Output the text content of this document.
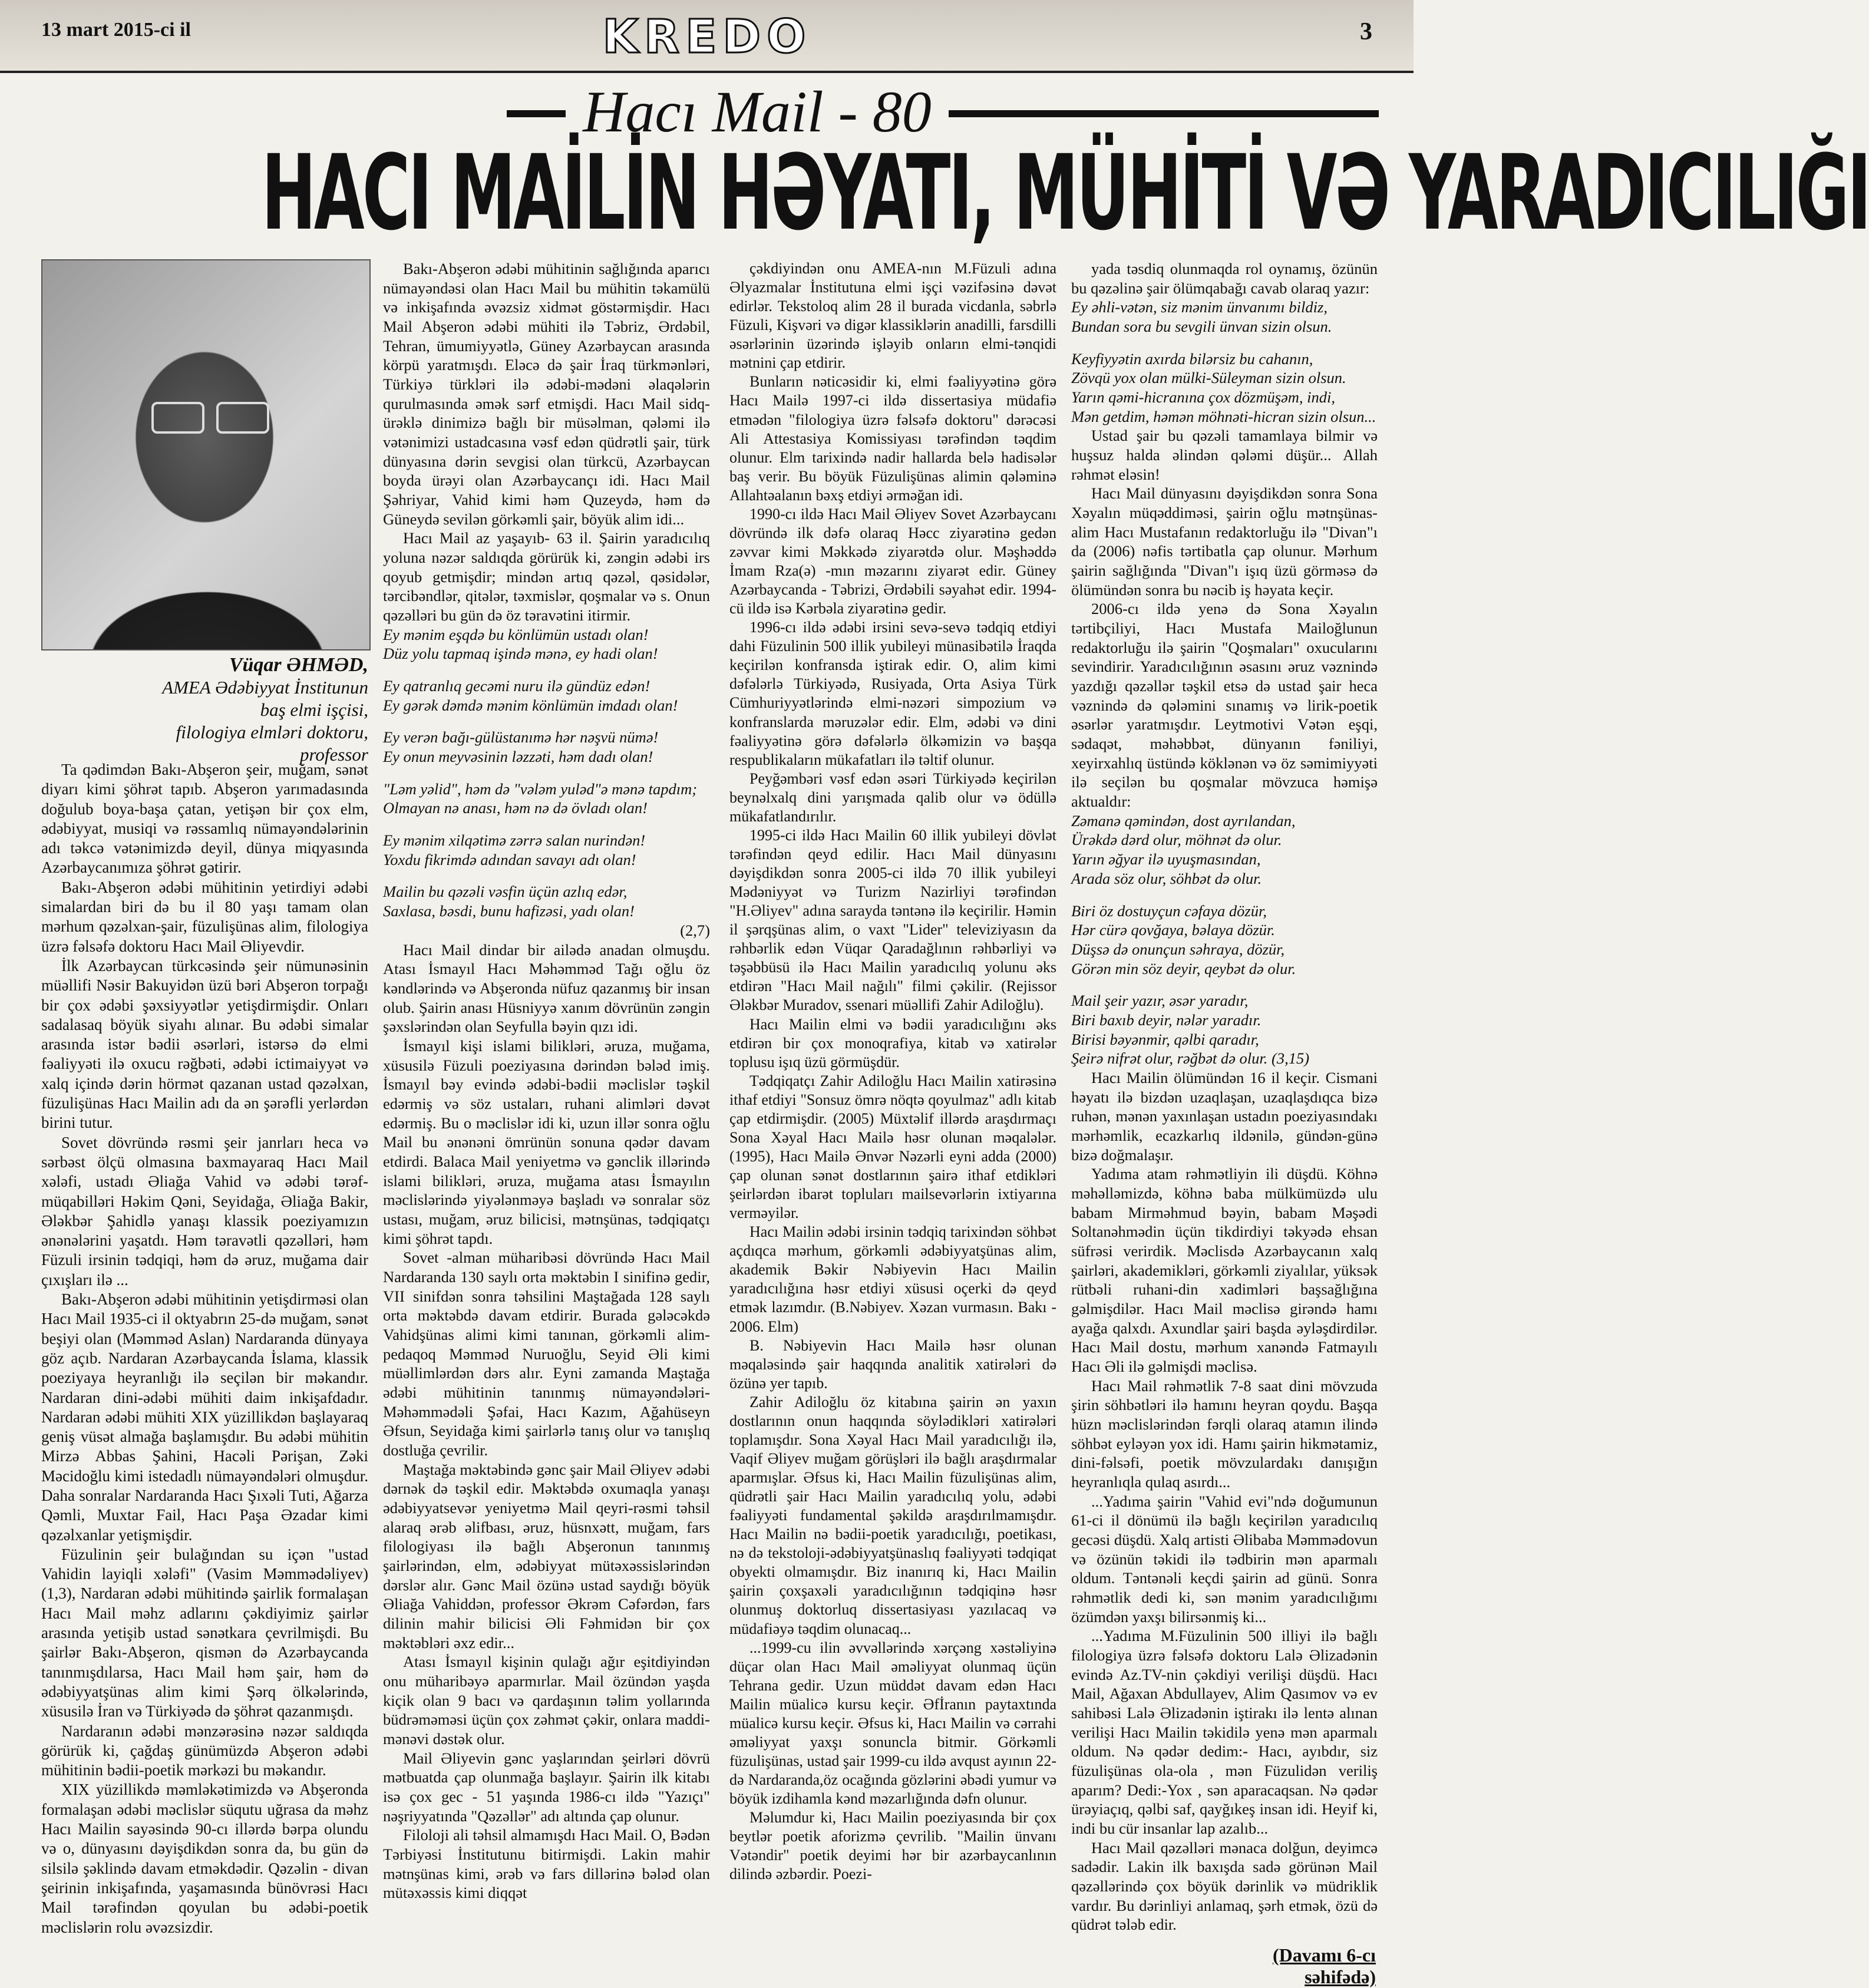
13 mart 2015-ci il	KREDO	3
Hacı Mail - 80
HACI MAİLİN HƏYATI, MÜHİTİ VƏ YARADICILIĞI
Vüqar ƏHMƏD,
AMEA Ədəbiyyat İnstitunun
baş elmi işçisi,
filologiya elmləri doktoru,
professor

Ta qədimdən Bakı-Abşeron şeir, muğam, sənət diyarı kimi şöhrət tapıb. Abşeron yarımadasında doğulub boya-başa çatan, yetişən bir çox elm, ədəbiyyat, musiqi və rəssamlıq nümayəndələrinin adı təkcə vətənimizdə deyil, dünya miqyasında Azərbaycanımıza şöhrət gətirir.

Bakı-Abşeron ədəbi mühitinin yetirdiyi ədəbi simalardan biri də bu il 80 yaşı tamam olan mərhum qəzəlxan-şair, füzulişünas alim, filologiya üzrə fəlsəfə doktoru Hacı Mail Əliyevdir.

İlk Azərbaycan türkcəsində şeir nümunəsinin müəllifi Nəsir Bakuyidən üzü bəri Abşeron torpağı bir çox ədəbi şəxsiyyətlər yetişdirmişdir. Onları sadalasaq böyük siyahı alınar. Bu ədəbi simalar arasında istər bədii əsərləri, istərsə də elmi fəaliyyəti ilə oxucu rəğbəti, ədəbi ictimaiyyət və xalq içində dərin hörmət qazanan ustad qəzəlxan, füzulişünas Hacı Mailin adı da ən şərəfli yerlərdən birini tutur.

Sovet dövründə rəsmi şeir janrları heca və sərbəst ölçü olmasına baxmayaraq Hacı Mail xələfi, ustadı Əliağa Vahid və ədəbi tərəf-müqabilləri Həkim Qəni, Seyidağa, Əliağa Bakir, Ələkbər Şahidlə yanaşı klassik poeziyamızın ənənələrini yaşatdı. Həm təravətli qəzəlləri, həm Füzuli irsinin tədqiqi, həm də əruz, muğama dair çıxışları ilə ...

Bakı-Abşeron ədəbi mühitinin yetişdirməsi olan Hacı Mail 1935-ci il oktyabrın 25-də muğam, sənət beşiyi olan (Məmməd Aslan) Nardaranda dünyaya göz açıb. Nardaran Azərbaycanda İslama, klassik poeziyaya heyranlığı ilə seçilən bir məkandır. Nardaran dini-ədəbi mühiti daim inkişafdadır. Nardaran ədəbi mühiti XIX yüzillikdən başlayaraq geniş vüsət almağa başlamışdır. Bu ədəbi mühitin Mirzə Abbas Şahini, Hacəli Pərişan, Zəki Məcidoğlu kimi istedadlı nümayəndələri olmuşdur. Daha sonralar Nardaranda Hacı Şıxəli Tuti, Ağarza Qəmli, Muxtar Fail, Hacı Paşa Əzadar kimi qəzəlxanlar yetişmişdir.

Füzulinin şeir bulağından su içən "ustad Vahidin layiqli xələfi" (Vasim Məmmədəliyev) (1,3), Nardaran ədəbi mühitində şairlik formalaşan Hacı Mail məhz adlarını çəkdiyimiz şairlər arasında yetişib ustad sənətkara çevrilmişdi. Bu şairlər Bakı-Abşeron, qismən də Azərbaycanda tanınmışdılarsa, Hacı Mail həm şair, həm də ədəbiyyatşünas alim kimi Şərq ölkələrində, xüsusilə İran və Türkiyədə də şöhrət qazanmışdı.

Nardaranın ədəbi mənzərəsinə nəzər saldıqda görürük ki, çağdaş günümüzdə Abşeron ədəbi mühitinin bədii-poetik mərkəzi bu məkandır.

XIX yüzillikdə məmləkətimizdə və Abşeronda formalaşan ədəbi məclislər süqutu uğrasa da məhz Hacı Mailin sayəsində 90-cı illərdə bərpa olundu və o, dünyasını dəyişdikdən sonra da, bu gün də silsilə şəklində davam etməkdədir. Qəzəlin - divan şeirinin inkişafında, yaşamasında bünövrəsi Hacı Mail tərəfindən qoyulan bu ədəbi-poetik məclislərin rolu əvəzsizdir.

Bakı-Abşeron ədəbi mühitinin sağlığında aparıcı nümayəndəsi olan Hacı Mail bu mühitin təkamülü və inkişafında əvəzsiz xidmət göstərmişdir. Hacı Mail Abşeron ədəbi mühiti ilə Təbriz, Ərdəbil, Tehran, ümumiyyətlə, Güney Azərbaycan arasında körpü yaratmışdı. Eləcə də şair İraq türkmənləri, Türkiyə türkləri ilə ədəbi-mədəni əlaqələrin qurulmasında əmək sərf etmişdi. Hacı Mail sidq-ürəklə dinimizə bağlı bir müsəlman, qələmi ilə vətənimizi ustadcasına vəsf edən qüdrətli şair, türk dünyasına dərin sevgisi olan türkcü, Azərbaycan boyda ürəyi olan Azərbaycançı idi. Hacı Mail Şəhriyar, Vahid kimi həm Quzeydə, həm də Güneydə sevilən görkəmli şair, böyük alim idi...

Hacı Mail az yaşayıb- 63 il. Şairin yaradıcılıq yoluna nəzər saldıqda görürük ki, zəngin ədəbi irs qoyub getmişdir; mindən artıq qəzəl, qəsidələr, tərcibəndlər, qitələr, təxmislər, qoşmalar və s. Onun qəzəlləri bu gün də öz təravətini itirmir.

Ey mənim eşqdə bu könlümün ustadı olan!

Düz yolu tapmaq işində mənə, ey hadi olan!

Ey qatranlıq gecəmi nuru ilə gündüz edən!

Ey gərək dəmdə mənim könlümün imdadı olan!

Ey verən bağı-gülüstanımə hər nəşvü nümə!

Ey onun meyvəsinin ləzzəti, həm dadı olan!

"Ləm yəlid", həm də "vələm yuləd"ə mənə tapdım;

Olmayan nə anası, həm nə də övladı olan!

Ey mənim xilqətimə zərrə salan nurindən!

Yoxdu fikrimdə adından savayı adı olan!

Mailin bu qəzəli vəsfin üçün azlıq edər,

Saxlasa, bəsdi, bunu hafizəsi, yadı olan!

(2,7)

Hacı Mail dindar bir ailədə anadan olmuşdu. Atası İsmayıl Hacı Məhəmməd Tağı oğlu öz kəndlərində və Abşeronda nüfuz qazanmış bir insan olub. Şairin anası Hüsniyyə xanım dövrünün zəngin şəxslərindən olan Seyfulla bəyin qızı idi.

İsmayıl kişi islami bilikləri, əruza, muğama, xüsusilə Füzuli poeziyasına dərindən bələd imiş. İsmayıl bəy evində ədəbi-bədii məclislər təşkil edərmiş və söz ustaları, ruhani alimləri dəvət edərmiş. Bu o məclislər idi ki, uzun illər sonra oğlu Mail bu ənənəni ömrünün sonuna qədər davam etdirdi. Balaca Mail yeniyetmə və gənclik illərində islami bilikləri, əruza, muğama atası İsmayılın məclislərində yiyələnməyə başladı və sonralar söz ustası, muğam, əruz bilicisi, mətnşünas, tədqiqatçı kimi şöhrət tapdı.

Sovet -alman müharibəsi dövründə Hacı Mail Nardaranda 130 saylı orta məktəbin I sinifinə gedir, VII sinifdən sonra təhsilini Maştağada 128 saylı orta məktəbdə davam etdirir. Burada gələcəkdə Vahidşünas alimi kimi tanınan, görkəmli alim-pedaqoq Məmməd Nuruoğlu, Seyid Əli kimi müəllimlərdən dərs alır. Eyni zamanda Maştağa ədəbi mühitinin tanınmış nümayəndələri- Məhəmmədəli Şəfai, Hacı Kazım, Ağahüseyn Əfsun, Seyidağa kimi şairlərlə tanış olur və tanışlıq dostluğa çevrilir.

Maştağa məktəbində gənc şair Mail Əliyev ədəbi dərnək də təşkil edir. Məktəbdə oxumaqla yanaşı ədəbiyyatsevər yeniyetmə Mail qeyri-rəsmi təhsil alaraq ərəb əlifbası, əruz, hüsnxətt, muğam, fars filologiyası ilə bağlı Abşeronun tanınmış şairlərindən, elm, ədəbiyyat mütəxəssislərindən dərslər alır. Gənc Mail özünə ustad saydığı böyük Əliağa Vahiddən, professor Əkrəm Cəfərdən, fars dilinin mahir bilicisi Əli Fəhmidən bir çox məktəbləri əxz edir...

Atası İsmayıl kişinin qulağı ağır eşitdiyindən onu müharibəyə aparmırlar. Mail özündən yaşda kiçik olan 9 bacı və qardaşının təlim yollarında büdrəməməsi üçün çox zəhmət çəkir, onlara maddi-mənəvi dəstək olur.

Mail Əliyevin gənc yaşlarından şeirləri dövrü mətbuatda çap olunmağa başlayır. Şairin ilk kitabı isə çox gec - 51 yaşında 1986-cı ildə "Yazıçı" nəşriyyatında "Qəzəllər" adı altında çap olunur.

Filoloji ali təhsil almamışdı Hacı Mail. O, Bədən Tərbiyəsi İnstitutunu bitirmişdi. Lakin mahir mətnşünas kimi, ərəb və fars dillərinə bələd olan mütəxəssis kimi diqqət

çəkdiyindən onu AMEA-nın M.Füzuli adına Əlyazmalar İnstitutuna elmi işçi vəzifəsinə dəvət edirlər. Tekstoloq alim 28 il burada vicdanla, səbrlə Füzuli, Kişvəri və digər klassiklərin anadilli, farsdilli əsərlərinin üzərində işləyib onların elmi-tənqidi mətnini çap etdirir.

Bunların nəticəsidir ki, elmi fəaliyyətinə görə Hacı Mailə 1997-ci ildə dissertasiya müdafiə etmədən "filologiya üzrə fəlsəfə doktoru" dərəcəsi Ali Attestasiya Komissiyası tərəfindən təqdim olunur. Elm tarixində nadir hallarda belə hadisələr baş verir. Bu böyük Füzulişünas alimin qələminə Allahtəalanın bəxş etdiyi ərməğan idi.

1990-cı ildə Hacı Mail Əliyev Sovet Azərbaycanı dövründə ilk dəfə olaraq Həcc ziyarətinə gedən zəvvar kimi Məkkədə ziyarətdə olur. Məşhəddə İmam Rza(ə) -mın məzarını ziyarət edir. Güney Azərbaycanda - Təbrizi, Ərdəbili səyahət edir. 1994-cü ildə isə Kərbəla ziyarətinə gedir.

1996-cı ildə ədəbi irsini sevə-sevə tədqiq etdiyi dahi Füzulinin 500 illik yubileyi münasibətilə İraqda keçirilən konfransda iştirak edir. O, alim kimi dəfələrlə Türkiyədə, Rusiyada, Orta Asiya Türk Cümhuriyyətlərində elmi-nəzəri simpozium və konfranslarda məruzələr edir. Elm, ədəbi və dini fəaliyyətinə görə dəfələrlə ölkəmizin və başqa respublikaların mükafatları ilə təltif olunur.

Peyğəmbəri vəsf edən əsəri Türkiyədə keçirilən beynəlxalq dini yarışmada qalib olur və ödüllə mükafatlandırılır.

1995-ci ildə Hacı Mailin 60 illik yubileyi dövlət tərəfindən qeyd edilir. Hacı Mail dünyasını dəyişdikdən sonra 2005-ci ildə 70 illik yubileyi Mədəniyyət və Turizm Nazirliyi tərəfindən "H.Əliyev" adına sarayda təntənə ilə keçirilir. Həmin il şərqşünas alim, o vaxt "Lider" televiziyasın da rəhbərlik edən Vüqar Qaradağlının rəhbərliyi və təşəbbüsü ilə Hacı Mailin yaradıcılıq yolunu əks etdirən "Hacı Mail nağılı" filmi çəkilir. (Rejissor Ələkbər Muradov, ssenari müəllifi Zahir Adiloğlu).

Hacı Mailin elmi və bədii yaradıcılığını əks etdirən bir çox monoqrafiya, kitab və xatirələr toplusu işıq üzü görmüşdür.

Tədqiqatçı Zahir Adiloğlu Hacı Mailin xatirəsinə ithaf etdiyi "Sonsuz ömrə nöqtə qoyulmaz" adlı kitab çap etdirmişdir. (2005) Müxtəlif illərdə araşdırmaçı Sona Xəyal Hacı Mailə həsr olunan məqalələr. (1995), Hacı Mailə Ənvər Nəzərli eyni adda (2000) çap olunan sənət dostlarının şairə ithaf etdikləri şeirlərdən ibarət topluları mailsevərlərin ixtiyarına verməyilər.

Hacı Mailin ədəbi irsinin tədqiq tarixindən söhbət açdıqca mərhum, görkəmli ədəbiyyatşünas alim, akademik Bəkir Nəbiyevin Hacı Mailin yaradıcılığına həsr etdiyi xüsusi oçerki də qeyd etmək lazımdır. (B.Nəbiyev. Xəzan vurmasın. Bakı - 2006. Elm)

B. Nəbiyevin Hacı Mailə həsr olunan məqaləsində şair haqqında analitik xatirələri də özünə yer tapıb.

Zahir Adiloğlu öz kitabına şairin ən yaxın dostlarının onun haqqında söylədikləri xatirələri toplamışdır. Sona Xəyal Hacı Mail yaradıcılığı ilə, Vaqif Əliyev muğam görüşləri ilə bağlı araşdırmalar aparmışlar. Əfsus ki, Hacı Mailin füzulişünas alim, qüdrətli şair Hacı Mailin yaradıcılıq yolu, ədəbi fəaliyyəti fundamental şəkildə araşdırılmamışdır. Hacı Mailin nə bədii-poetik yaradıcılığı, poetikası, nə də tekstoloji-ədəbiyyatşünaslıq fəaliyyəti tədqiqat obyekti olmamışdır. Biz inanırıq ki, Hacı Mailin şairin çoxşaxəli yaradıcılığının tədqiqinə həsr olunmuş doktorluq dissertasiyası yazılacaq və müdafiəyə təqdim olunacaq...

...1999-cu ilin əvvəllərində xərçəng xəstəliyinə düçar olan Hacı Mail əməliyyat olunmaq üçün Tehrana gedir. Uzun müddət davam edən Hacı Mailin müalicə kursu keçir. Əfİranın paytaxtında müalicə kursu keçir. Əfsus ki, Hacı Mailin və cərrahi əməliyyat yaxşı sonuncla bitmir. Görkəmli füzulişünas, ustad şair 1999-cu ildə avqust ayının 22-də Nardaranda,öz ocağında gözlərini əbədi yumur və böyük izdihamla kənd məzarlığında dəfn olunur.

Məlumdur ki, Hacı Mailin poeziyasında bir çox beytlər poetik aforizmə çevrilib. "Mailin ünvanı Vətəndir" poetik deyimi hər bir azərbaycanlının dilində əzbərdir. Poezi-

yada təsdiq olunmaqda rol oynamış, özünün bu qəzəlinə şair ölümqabağı cavab olaraq yazır:

Ey əhli-vətən, siz mənim ünvanımı bildiz,

Bundan sora bu sevgili ünvan sizin olsun.

Keyfiyyətin axırda bilərsiz bu cahanın,

Zövqü yox olan mülki-Süleyman sizin olsun.

Yarın qəmi-hicranına çox dözmüşəm, indi,

Mən getdim, həmən möhnəti-hicran sizin olsun...

Ustad şair bu qəzəli tamamlaya bilmir və huşsuz halda əlindən qələmi düşür... Allah rəhmət eləsin!

Hacı Mail dünyasını dəyişdikdən sonra Sona Xəyalın müqəddiməsi, şairin oğlu mətnşünas-alim Hacı Mustafanın redaktorluğu ilə "Divan"ı da (2006) nəfis tərtibatla çap olunur. Mərhum şairin sağlığında "Divan"ı işıq üzü görməsə də ölümündən sonra bu nəcib iş həyata keçir.

2006-cı ildə yenə də Sona Xəyalın tərtibçiliyi, Hacı Mustafa Mailoğlunun redaktorluğu ilə şairin "Qoşmaları" oxucularını sevindirir. Yaradıcılığının əsasını əruz vəznində yazdığı qəzəllər təşkil etsə də ustad şair heca vəznində də qələmini sınamış və lirik-poetik əsərlər yaratmışdır. Leytmotivi Vətən eşqi, sədaqət, məhəbbət, dünyanın fəniliyi, xeyirxahlıq üstündə köklənən və öz səmimiyyəti ilə seçilən bu qoşmalar mövzuca həmişə aktualdır:

Zəmanə qəmindən, dost ayrılandan,

Ürəkdə dərd olur, möhnət də olur.

Yarın əğyar ilə uyuşmasından,

Arada söz olur, söhbət də olur.

Biri öz dostuyçun cəfaya dözür,

Hər cürə qovğaya, bəlaya dözür.

Düşsə də onunçun səhraya, dözür,

Görən min söz deyir, qeybət də olur.

Mail şeir yazır, əsər yaradır,

Biri baxıb deyir, nələr yaradır.

Birisi bəyənmir, qəlbi qaradır,

Şeirə nifrət olur, rəğbət də olur. (3,15)

Hacı Mailin ölümündən 16 il keçir. Cismani həyatı ilə bizdən uzaqlaşan, uzaqlaşdıqca bizə ruhən, mənən yaxınlaşan ustadın poeziyasındakı mərhəmlik, ecazkarlıq ildənilə, gündən-günə bizə doğmalaşır.

Yadıma atam rəhmətliyin ili düşdü. Köhnə məhəlləmizdə, köhnə baba mülkümüzdə ulu babam Mirməhmud bəyin, babam Məşədi Soltanəhmədin üçün tikdirdiyi təkyədə ehsan süfrəsi verirdik. Məclisdə Azərbaycanın xalq şairləri, akademikləri, görkəmli ziyalılar, yüksək rütbəli ruhani-din xadimləri başsağlığına gəlmişdilər. Hacı Mail məclisə girəndə hamı ayağa qalxdı. Axundlar şairi başda əyləşdirdilər. Hacı Mail dostu, mərhum xanəndə Fatmayılı Hacı Əli ilə gəlmişdi məclisə.

Hacı Mail rəhmətlik 7-8 saat dini mövzuda şirin söhbətləri ilə hamını heyran qoydu. Başqa hüzn məclislərindən fərqli olaraq atamın ilində söhbət eyləyən yox idi. Hamı şairin hikmətamiz, dini-fəlsəfi, poetik mövzulardakı danışığın heyranlıqla qulaq asırdı...

...Yadıma şairin "Vahid evi"ndə doğumunun 61-ci il dönümü ilə bağlı keçirilən yaradıcılıq gecəsi düşdü. Xalq artisti Əlibaba Məmmədovun və özünün təkidi ilə tədbirin mən aparmalı oldum. Təntənəli keçdi şairin ad günü. Sonra rəhmətlik dedi ki, sən mənim yaradıcılığımı özümdən yaxşı bilirsənmiş ki...

...Yadıma M.Füzulinin 500 illiyi ilə bağlı filologiya üzrə fəlsəfə doktoru Lalə Əlizadənin evində Az.TV-nin çəkdiyi verilişi düşdü. Hacı Mail, Ağaxan Abdullayev, Alim Qasımov və ev sahibəsi Lalə Əlizadənin iştirakı ilə lentə alınan verilişi Hacı Mailin təkidilə yenə mən aparmalı oldum. Nə qədər dedim:- Hacı, ayıbdır, siz füzulişünas ola-ola , mən Füzulidən veriliş aparım? Dedi:-Yox , sən aparacaqsan. Nə qədər ürəyiaçıq, qəlbi saf, qayğıkeş insan idi. Heyif ki, indi bu cür insanlar lap azalıb...

Hacı Mail qəzəlləri mənaca dolğun, deyimcə sadədir. Lakin ilk baxışda sadə görünən Mail qəzəllərində çox böyük dərinlik və müdriklik vardır. Bu dərinliyi anlamaq, şərh etmək, özü də qüdrət tələb edir.

(Davamı 6-cı səhifədə)
